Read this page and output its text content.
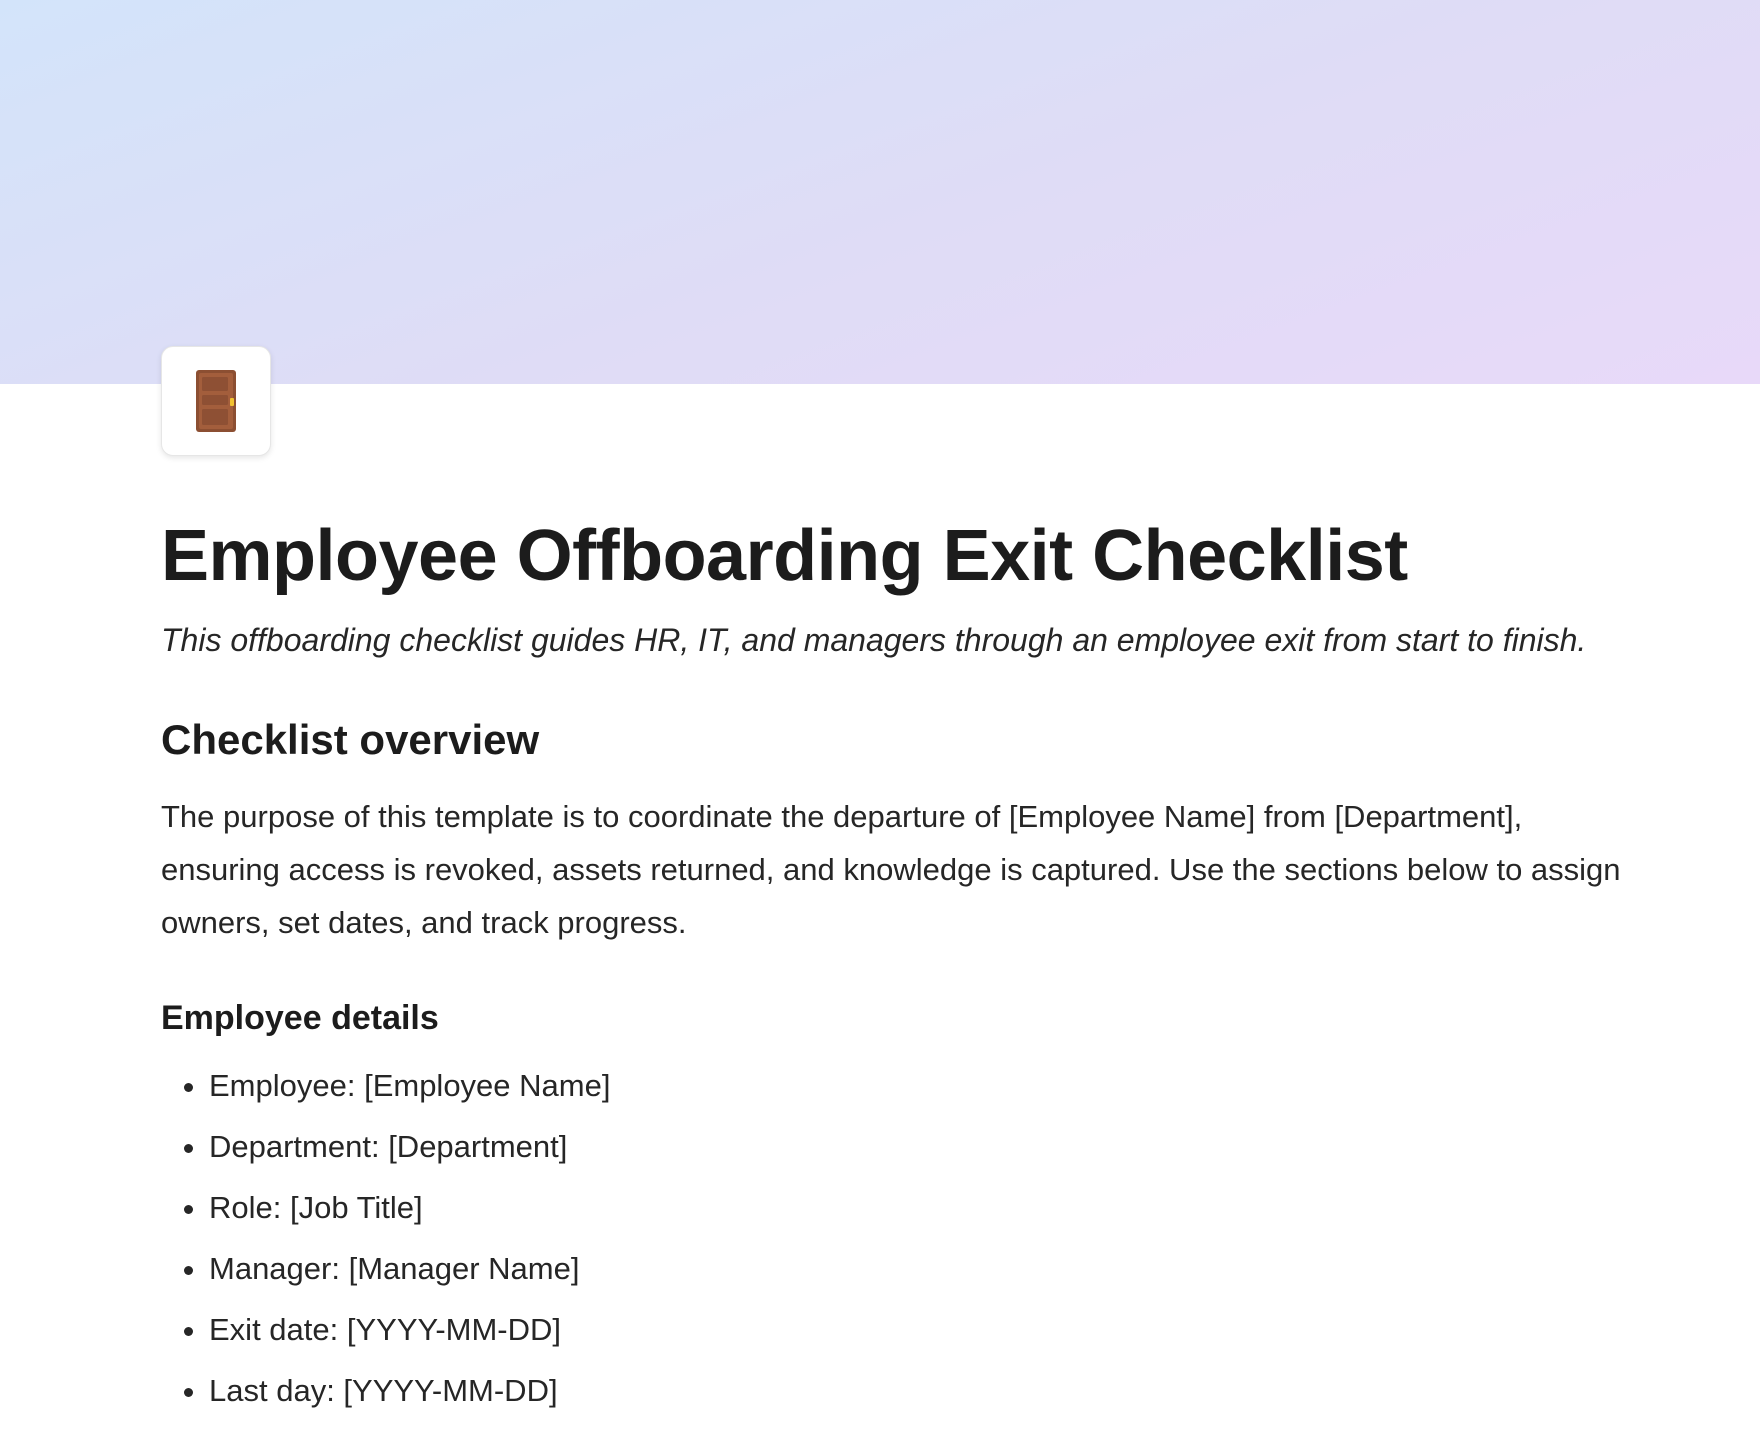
Employee Offboarding Exit Checklist

This offboarding checklist guides HR, IT, and managers through an employee exit from start to finish.

Checklist overview

The purpose of this template is to coordinate the departure of [Employee Name] from [Department], ensuring access is revoked, assets returned, and knowledge is captured. Use the sections below to assign owners, set dates, and track progress.

Employee details
• Employee: [Employee Name]
• Department: [Department]
• Role: [Job Title]
• Manager: [Manager Name]
• Exit date: [YYYY-MM-DD]
• Last day: [YYYY-MM-DD]
